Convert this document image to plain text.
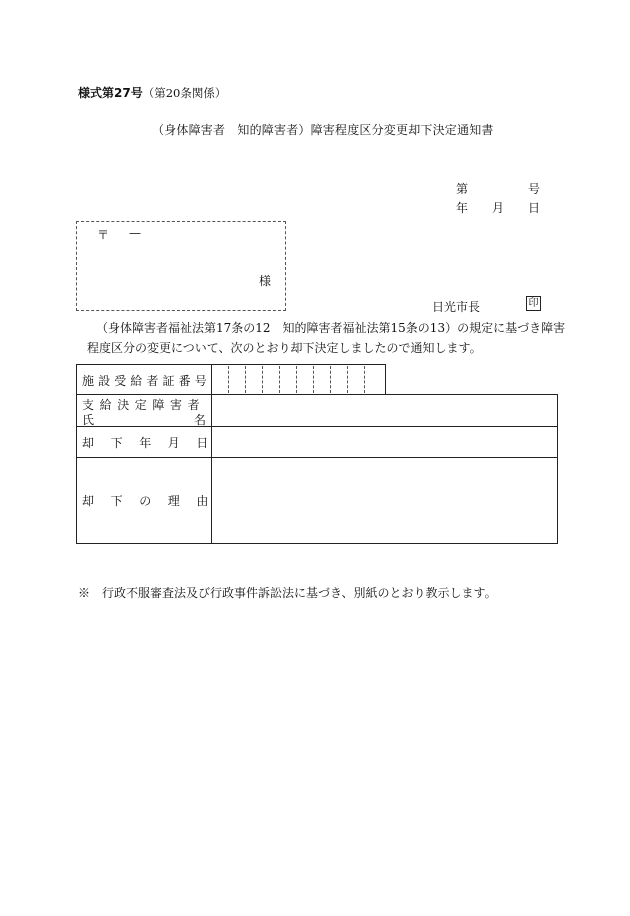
様式第27号（第20条関係）
（身体障害者　知的障害者）障害程度区分変更却下決定通知書
第	号
年 月 日
〒 —
様
日光市長	印
（身体障害者福祉法第17条の12　知的障害者福祉法第15条の13）の規定に基づき障害
程度区分の変更について、次のとおり却下決定しましたので通知します。
施設受給者証番号
支給決定障害者
氏	名
却下年月日
却下の理由
※　行政不服審査法及び行政事件訴訟法に基づき、別紙のとおり教示します。
